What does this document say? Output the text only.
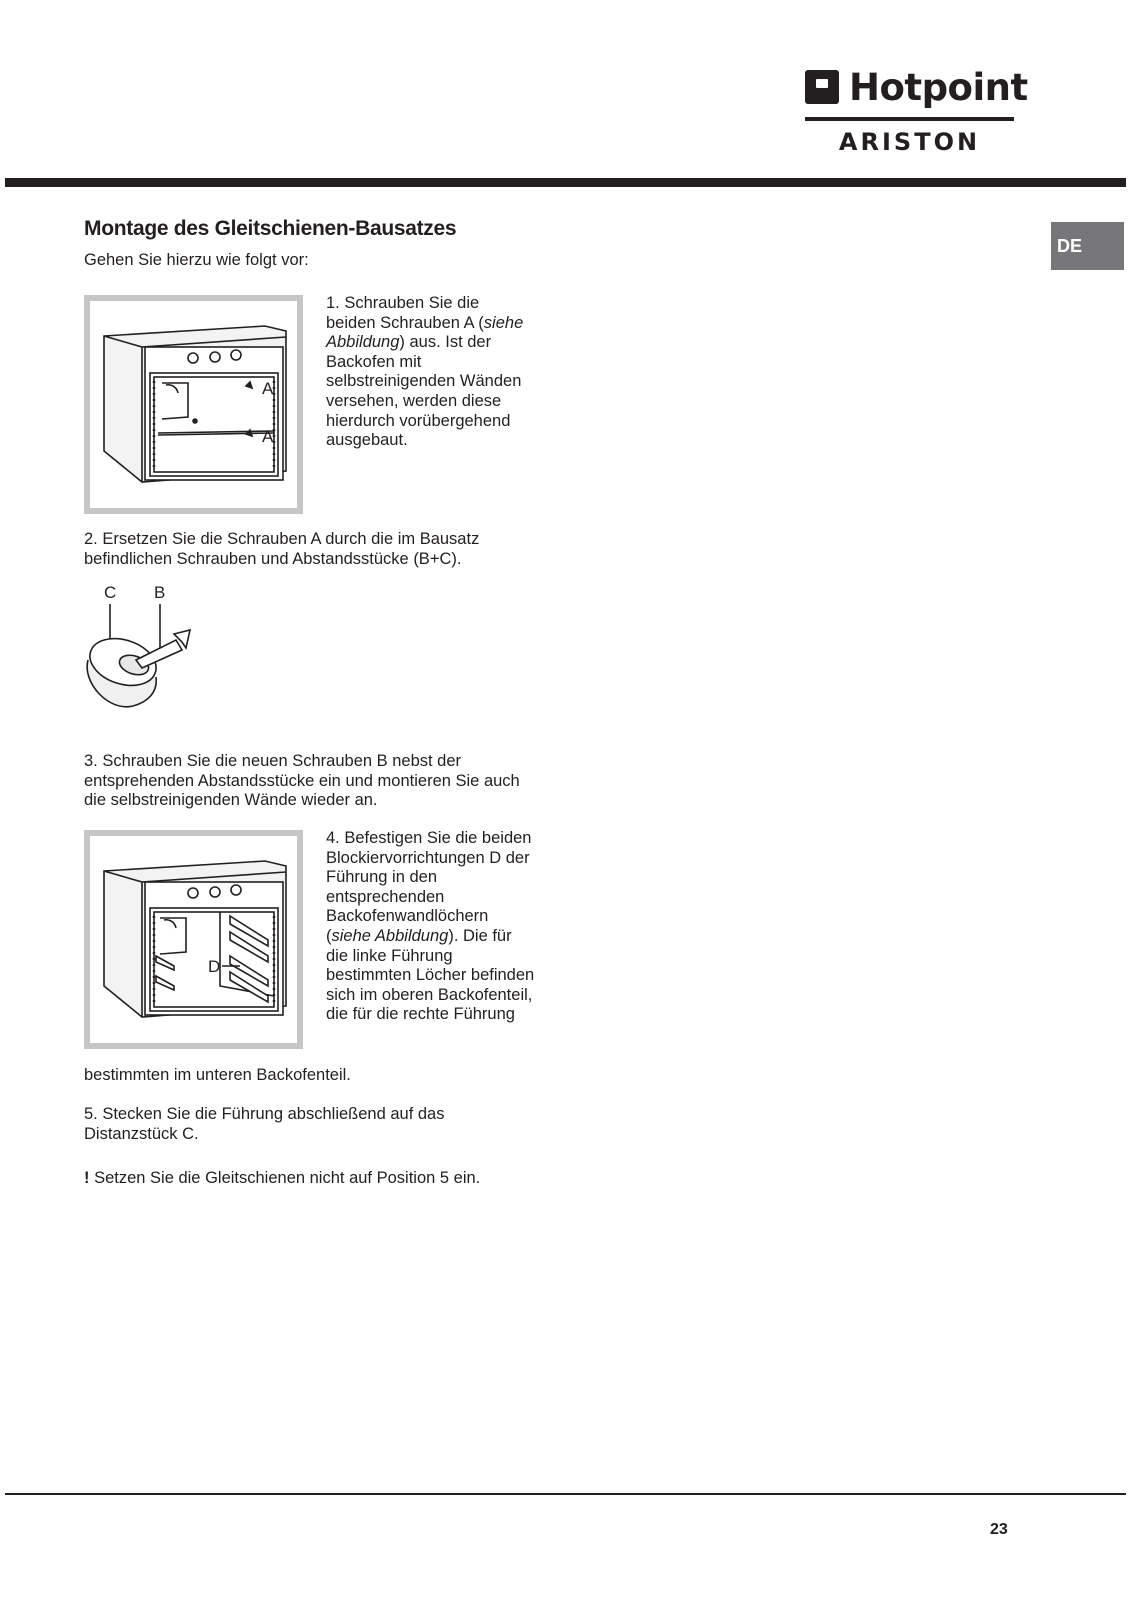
Hotpoint
ARISTON
DE
Montage des Gleitschienen-Bausatzes
Gehen Sie hierzu wie folgt vor:
A
A
1. Schrauben Sie die beiden Schrauben A (siehe Abbildung) aus. Ist der Backofen mit selbstreinigenden Wänden versehen, werden diese hierdurch vorübergehend ausgebaut.
2. Ersetzen Sie die Schrauben A durch die im Bausatz befindlichen Schrauben und Abstandsstücke (B+C).
C B
3. Schrauben Sie die neuen Schrauben B nebst der entsprehenden Abstandsstücke ein und montieren Sie auch die selbstreinigenden Wände wieder an.
D
4. Befestigen Sie die beiden Blockiervorrichtungen D der Führung in den entsprechenden Backofenwandlöchern (siehe Abbildung). Die für die linke Führung bestimmten Löcher befinden sich im oberen Backofenteil, die für die rechte Führung
bestimmten im unteren Backofenteil.
5. Stecken Sie die Führung abschließend auf das Distanzstück C.
! Setzen Sie die Gleitschienen nicht auf Position 5 ein.
23
